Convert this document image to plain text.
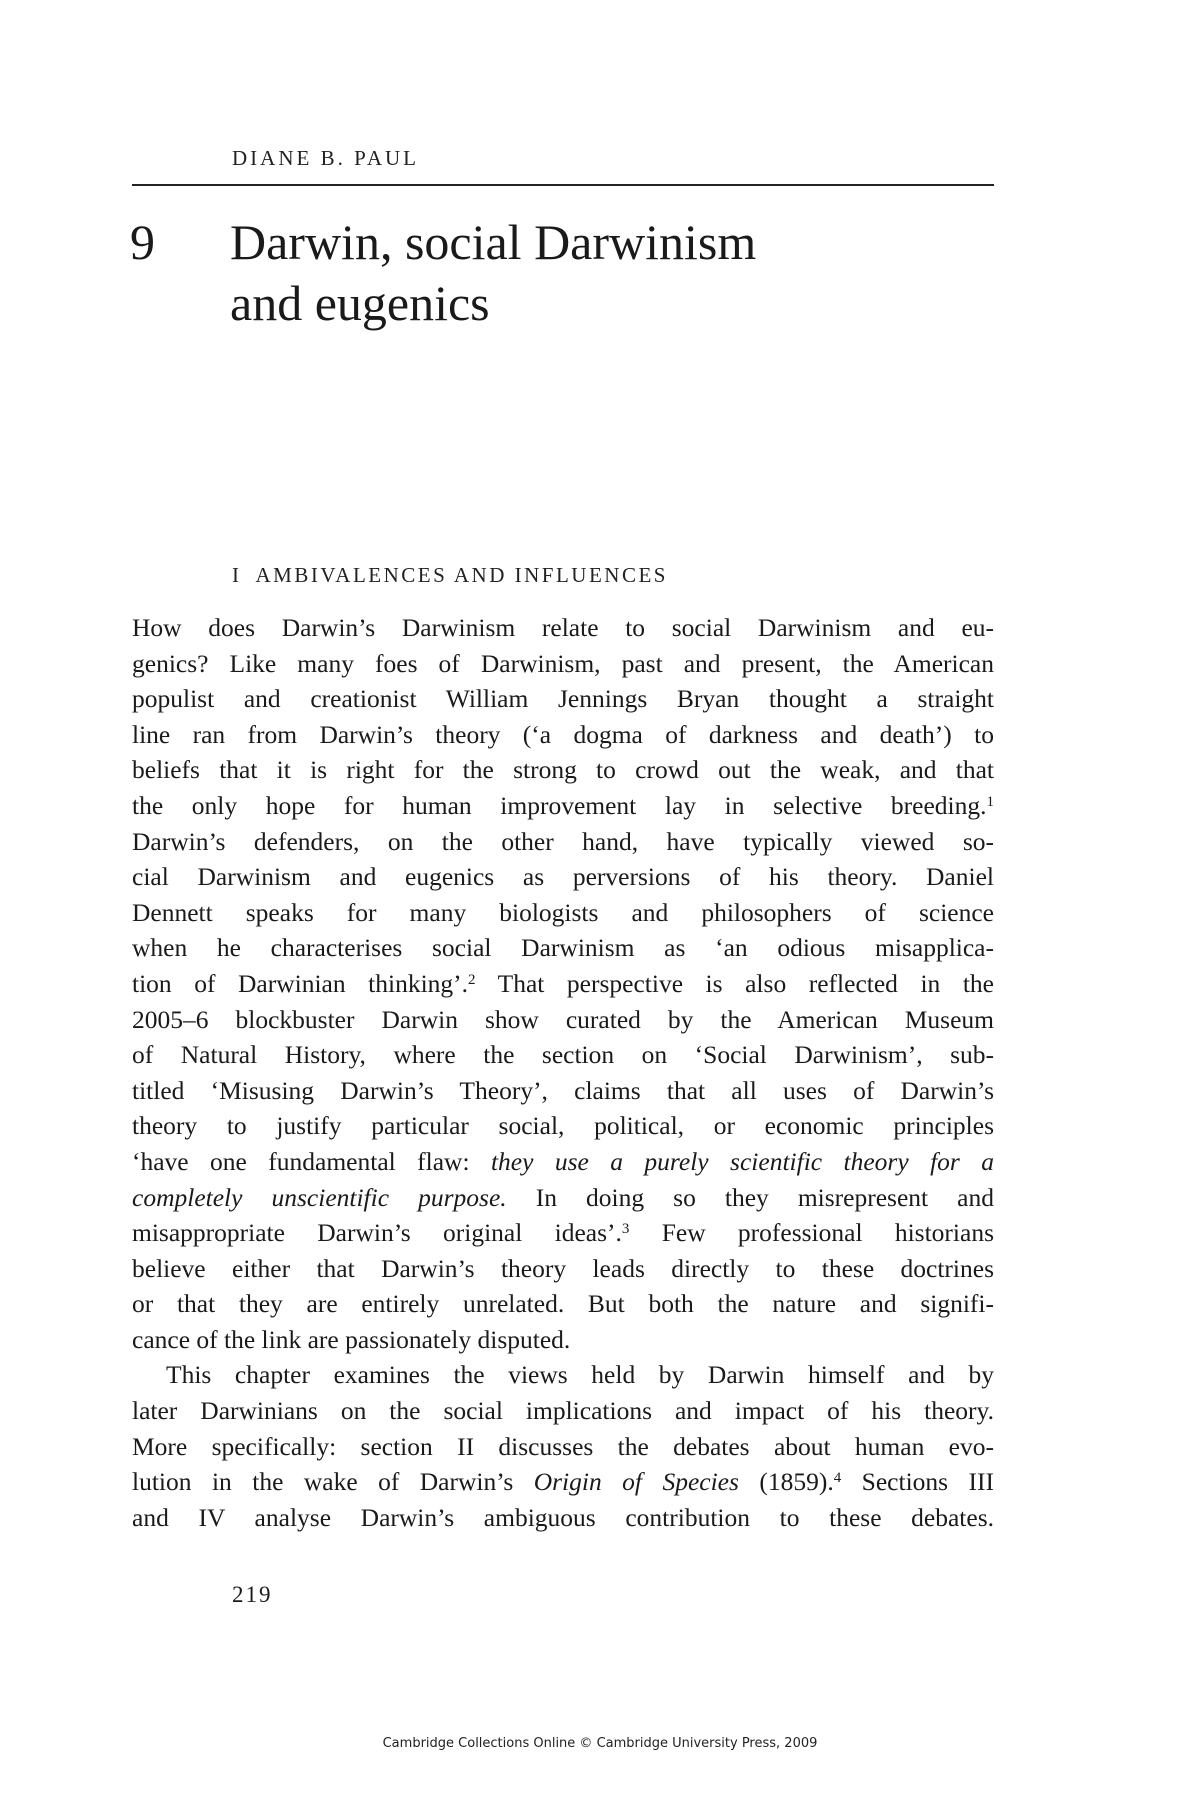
DIANE B. PAUL
9 Darwin, social Darwinism
and eugenics
I AMBIVALENCES AND INFLUENCES
How does Darwin’s Darwinism relate to social Darwinism and eu-
genics? Like many foes of Darwinism, past and present, the American
populist and creationist William Jennings Bryan thought a straight
line ran from Darwin’s theory (‘a dogma of darkness and death’) to
beliefs that it is right for the strong to crowd out the weak, and that
the only hope for human improvement lay in selective breeding.$^1$
Darwin’s defenders, on the other hand, have typically viewed so-
cial Darwinism and eugenics as perversions of his theory. Daniel
Dennett speaks for many biologists and philosophers of science
when he characterises social Darwinism as ‘an odious misapplica-
tion of Darwinian thinking’.$^2$ That perspective is also reflected in the
2005–6 blockbuster Darwin show curated by the American Museum
of Natural History, where the section on ‘Social Darwinism’, sub-
titled ‘Misusing Darwin’s Theory’, claims that all uses of Darwin’s
theory to justify particular social, political, or economic principles
‘have one fundamental flaw: they use a purely scientific theory for a
completely unscientific purpose. In doing so they misrepresent and
misappropriate Darwin’s original ideas’.$^3$ Few professional historians
believe either that Darwin’s theory leads directly to these doctrines
or that they are entirely unrelated. But both the nature and signifi-
cance of the link are passionately disputed.
This chapter examines the views held by Darwin himself and by
later Darwinians on the social implications and impact of his theory.
More specifically: section II discusses the debates about human evo-
lution in the wake of Darwin’s Origin of Species (1859).$^4$ Sections III
and IV analyse Darwin’s ambiguous contribution to these debates.
219
Cambridge Collections Online © Cambridge University Press, 2009
